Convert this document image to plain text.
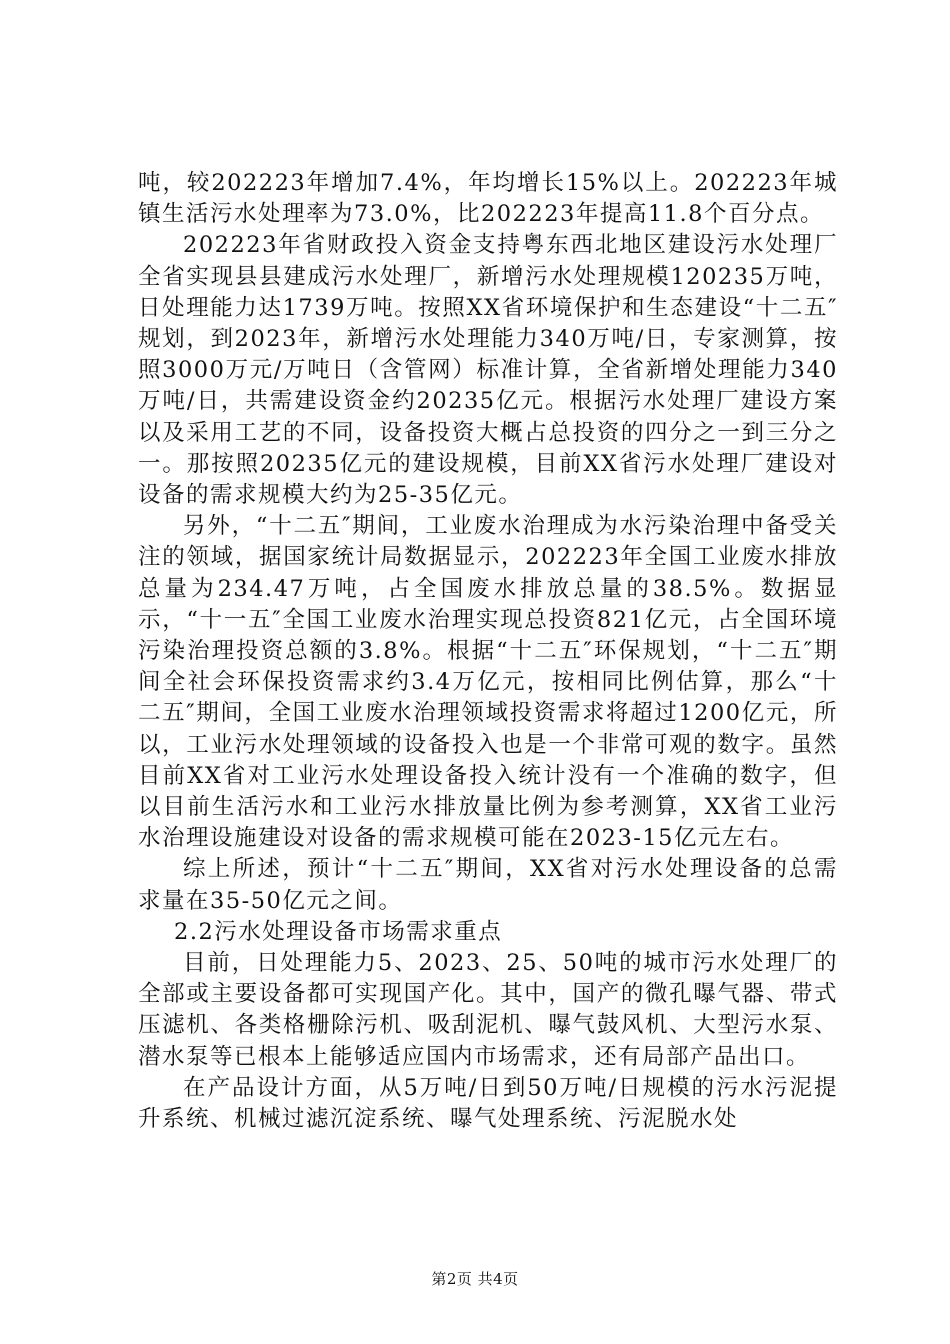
吨，较202223年增加7.4%，年均增长15%以上。202223年城镇生活污水处理率为73.0%，比202223年提高11.8个百分点。

202223年省财政投入资金支持粤东西北地区建设污水处理厂全省实现县县建成污水处理厂，新增污水处理规模120235万吨，日处理能力达1739万吨。按照XX省环境保护和生态建设“十二五″规划，到2023年，新增污水处理能力340万吨/日，专家测算，按照3000万元/万吨日（含管网）标准计算，全省新增处理能力340万吨/日，共需建设资金约20235亿元。根据污水处理厂建设方案以及采用工艺的不同，设备投资大概占总投资的四分之一到三分之一。那按照20235亿元的建设规模，目前XX省污水处理厂建设对设备的需求规模大约为25-35亿元。

另外，“十二五″期间，工业废水治理成为水污染治理中备受关注的领域，据国家统计局数据显示，202223年全国工业废水排放总量为234.47万吨，占全国废水排放总量的38.5%。数据显示，“十一五″全国工业废水治理实现总投资821亿元，占全国环境污染治理投资总额的3.8%。根据“十二五″环保规划，“十二五″期间全社会环保投资需求约3.4万亿元，按相同比例估算，那么“十二五″期间，全国工业废水治理领域投资需求将超过1200亿元，所以，工业污水处理领域的设备投入也是一个非常可观的数字。虽然目前XX省对工业污水处理设备投入统计没有一个准确的数字，但以目前生活污水和工业污水排放量比例为参考测算，XX省工业污水治理设施建设对设备的需求规模可能在2023-15亿元左右。

综上所述，预计“十二五″期间，XX省对污水处理设备的总需求量在35-50亿元之间。

2.2污水处理设备市场需求重点

目前，日处理能力5、2023、25、50吨的城市污水处理厂的全部或主要设备都可实现国产化。其中，国产的微孔曝气器、带式压滤机、各类格栅除污机、吸刮泥机、曝气鼓风机、大型污水泵、潜水泵等已根本上能够适应国内市场需求，还有局部产品出口。

在产品设计方面，从5万吨/日到50万吨/日规模的污水污泥提升系统、机械过滤沉淀系统、曝气处理系统、污泥脱水处

第2页 共4页
